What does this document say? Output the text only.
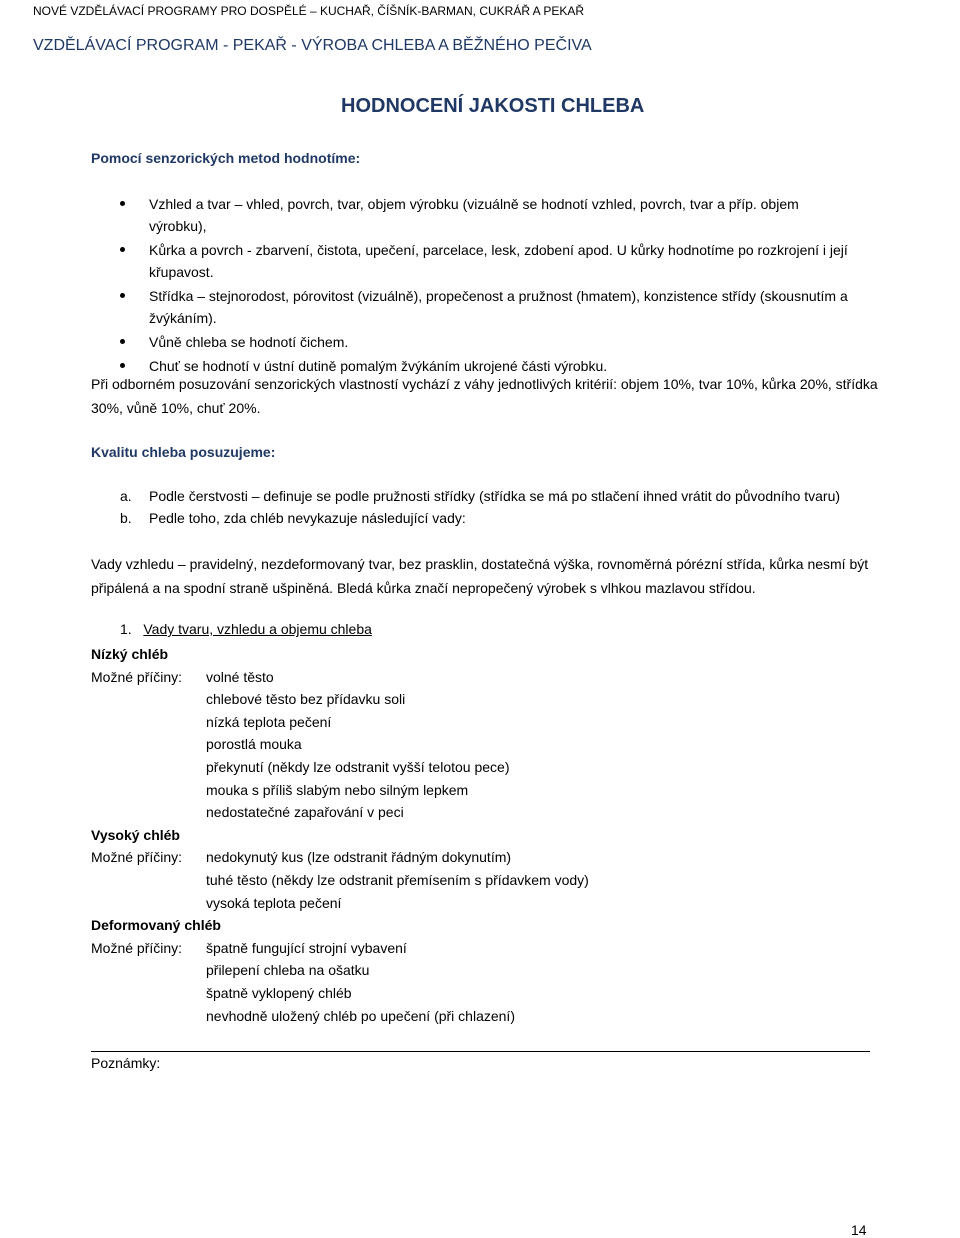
NOVÉ VZDĚLÁVACÍ PROGRAMY PRO DOSPĚLÉ – KUCHAŘ, ČÍŠNÍK-BARMAN, CUKRÁŘ A PEKAŘ
VZDĚLÁVACÍ PROGRAM - PEKAŘ - VÝROBA CHLEBA A BĚŽNÉHO PEČIVA
HODNOCENÍ JAKOSTI CHLEBA
Pomocí senzorických metod hodnotíme:
Vzhled a tvar – vhled, povrch, tvar, objem výrobku (vizuálně se hodnotí vzhled, povrch, tvar a příp. objem výrobku),
Kůrka a povrch - zbarvení, čistota, upečení, parcelace, lesk, zdobení apod. U kůrky hodnotíme po rozkrojení i její křupavost.
Střídka – stejnorodost, pórovitost (vizuálně), propečenost a pružnost (hmatem), konzistence střídy (skousnutím a žvýkáním).
Vůně chleba se hodnotí čichem.
Chuť se hodnotí v ústní dutině pomalým žvýkáním ukrojené části výrobku.
Při odborném posuzování senzorických vlastností vychází z váhy jednotlivých kritérií: objem 10%, tvar 10%, kůrka 20%, střídka 30%, vůně 10%, chuť 20%.
Kvalitu chleba posuzujeme:
a. Podle čerstvosti – definuje se podle pružnosti střídky (střídka se má po stlačení ihned vrátit do původního tvaru)
b. Pedle toho, zda chléb nevykazuje následující vady:
Vady vzhledu – pravidelný, nezdeformovaný tvar, bez prasklin, dostatečná výška, rovnoměrná pórézní střída, kůrka nesmí být připálená a na spodní straně ušpiněná. Bledá kůrka značí nepropečený výrobek s vlhkou mazlavou střídou.
1. Vady tvaru, vzhledu a objemu chleba
Nízký chléb
Možné příčiny: volné těsto
chlebové těsto bez přídavku soli
nízká teplota pečení
porostlá mouka
překynutí (někdy lze odstranit vyšší telotou pece)
mouka s příliš slabým nebo silným lepkem
nedostatečné zapařování v peci
Vysoký chléb
Možné příčiny: nedokynutý kus (lze odstranit řádným dokynutím)
tuhé těsto (někdy lze odstranit přemísením s přídavkem vody)
vysoká teplota pečení
Deformovaný chléb
Možné příčiny: špatně fungující strojní vybavení
přilepení chleba na ošatku
špatně vyklopený chléb
nevhodně uložený chléb po upečení (při chlazení)
Poznámky:
14
